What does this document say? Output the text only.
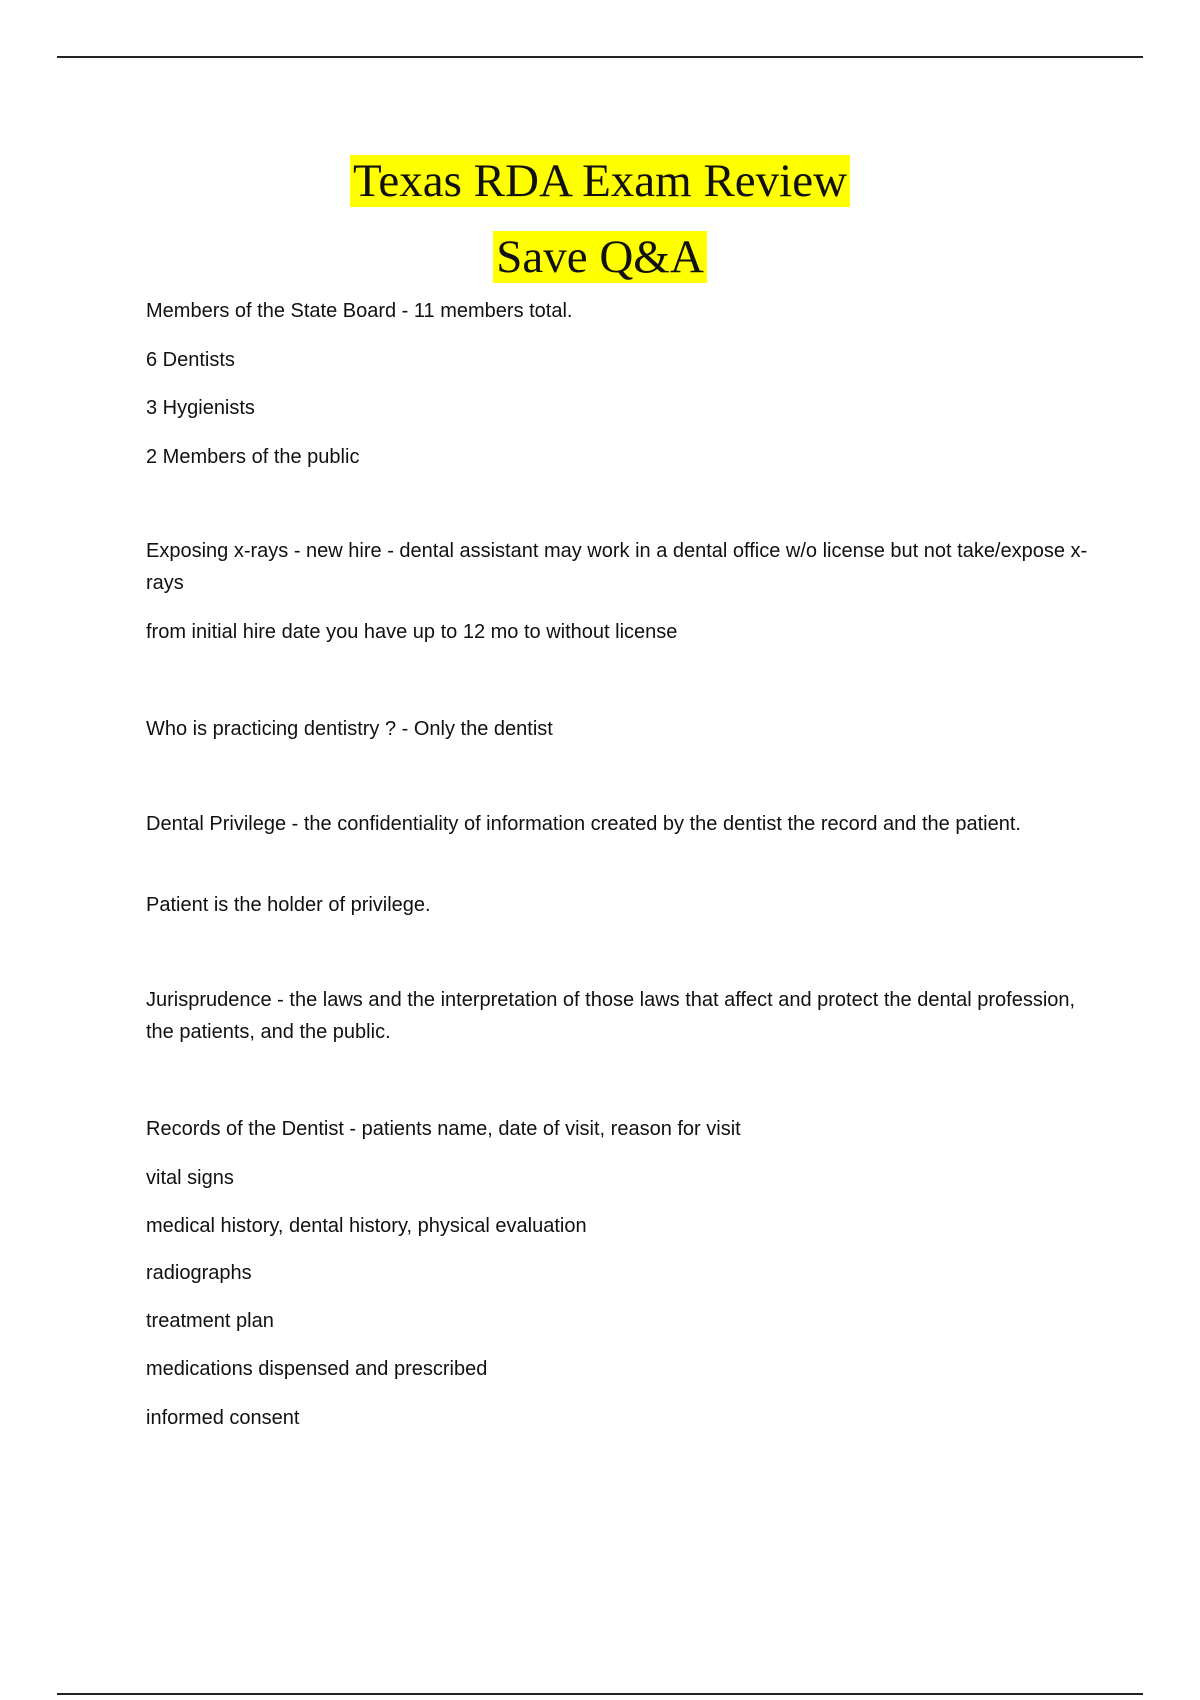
Texas RDA Exam Review
Save Q&A
Members of the State Board - 11 members total.
6 Dentists
3 Hygienists
2 Members of the public
Exposing x-rays - new hire - dental assistant may work in a dental office w/o license but not take/expose x-rays
from initial hire date you have up to 12 mo to without license
Who is practicing dentistry ? - Only the dentist
Dental Privilege - the confidentiality of information created by the dentist the record and the patient.
Patient is the holder of privilege.
Jurisprudence - the laws and the interpretation of those laws that affect and protect the dental profession, the patients, and the public.
Records of the Dentist - patients name, date of visit, reason for visit
vital signs
medical history, dental history, physical evaluation
radiographs
treatment plan
medications dispensed and prescribed
informed consent
